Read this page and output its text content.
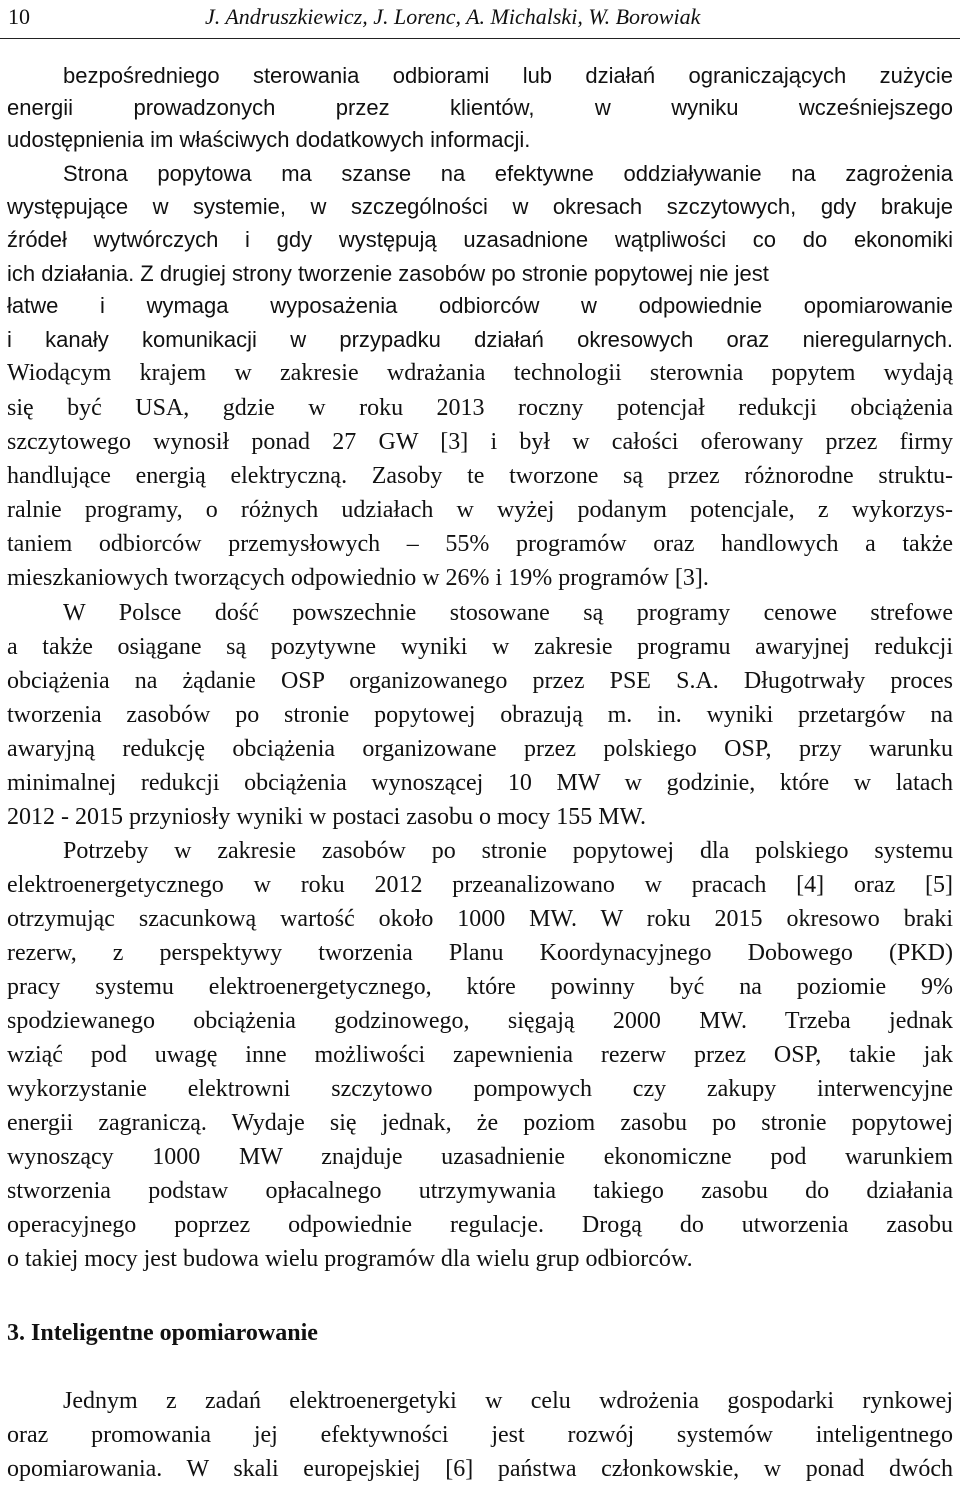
10	J. Andruszkiewicz, J. Lorenc, A. Michalski, W. Borowiak
bezpośredniego sterowania odbiorami lub działań ograniczających zużycie
energii prowadzonych przez klientów, w wyniku wcześniejszego
udostępnienia im właściwych dodatkowych informacji.
Strona popytowa ma szanse na efektywne oddziaływanie na zagrożenia
występujące w systemie, w szczególności w okresach szczytowych, gdy brakuje
źródeł wytwórczych i gdy występują uzasadnione wątpliwości co do ekonomiki
ich działania. Z drugiej strony tworzenie zasobów po stronie popytowej nie jest
łatwe i wymaga wyposażenia odbiorców w odpowiednie opomiarowanie
i kanały komunikacji w przypadku działań okresowych oraz nieregularnych.
Wiodącym krajem w zakresie wdrażania technologii sterownia popytem wydają
się być USA, gdzie w roku 2013 roczny potencjał redukcji obciążenia
szczytowego wynosił ponad 27 GW [3] i był w całości oferowany przez firmy
handlujące energią elektryczną. Zasoby te tworzone są przez różnorodne struktu-
ralnie programy, o różnych udziałach w wyżej podanym potencjale, z wykorzys-
taniem odbiorców przemysłowych – 55% programów oraz handlowych a także
mieszkaniowych tworzących odpowiednio w 26% i 19% programów [3].
W Polsce dość powszechnie stosowane są programy cenowe strefowe
a także osiągane są pozytywne wyniki w zakresie programu awaryjnej redukcji
obciążenia na żądanie OSP organizowanego przez PSE S.A. Długotrwały proces
tworzenia zasobów po stronie popytowej obrazują m. in. wyniki przetargów na
awaryjną redukcję obciążenia organizowane przez polskiego OSP, przy warunku
minimalnej redukcji obciążenia wynoszącej 10 MW w godzinie, które w latach
2012 - 2015 przyniosły wyniki w postaci zasobu o mocy 155 MW.
Potrzeby w zakresie zasobów po stronie popytowej dla polskiego systemu
elektroenergetycznego w roku 2012 przeanalizowano w pracach [4] oraz [5]
otrzymując szacunkową wartość około 1000 MW. W roku 2015 okresowo braki
rezerw, z perspektywy tworzenia Planu Koordynacyjnego Dobowego (PKD)
pracy systemu elektroenergetycznego, które powinny być na poziomie 9%
spodziewanego obciążenia godzinowego, sięgają 2000 MW. Trzeba jednak
wziąć pod uwagę inne możliwości zapewnienia rezerw przez OSP, takie jak
wykorzystanie elektrowni szczytowo pompowych czy zakupy interwencyjne
energii zagraniczą. Wydaje się jednak, że poziom zasobu po stronie popytowej
wynoszący 1000 MW znajduje uzasadnienie ekonomiczne pod warunkiem
stworzenia podstaw opłacalnego utrzymywania takiego zasobu do działania
operacyjnego poprzez odpowiednie regulacje. Drogą do utworzenia zasobu
o takiej mocy jest budowa wielu programów dla wielu grup odbiorców.
3. Inteligentne opomiarowanie
Jednym z zadań elektroenergetyki w celu wdrożenia gospodarki rynkowej
oraz promowania jej efektywności jest rozwój systemów inteligentnego
opomiarowania. W skali europejskiej [6] państwa członkowskie, w ponad dwóch
